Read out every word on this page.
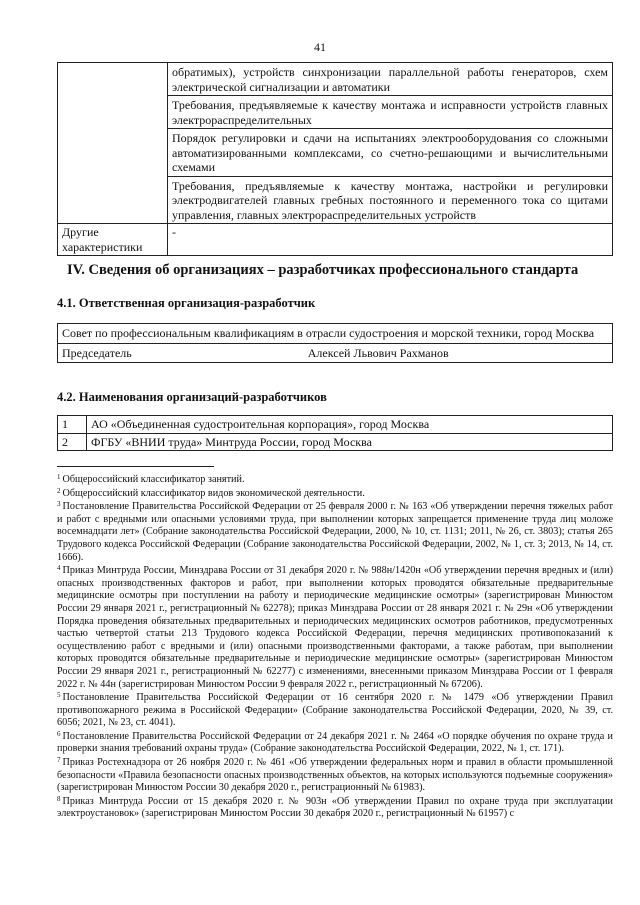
41
	обратимых), устройств синхронизации параллельной работы генераторов, схем электрической сигнализации и автоматики
	Требования, предъявляемые к качеству монтажа и исправности устройств главных электрораспределительных
	Порядок регулировки и сдачи на испытаниях электрооборудования со сложными автоматизированными комплексами, со счетно-решающими и вычислительными схемами
	Требования, предъявляемые к качеству монтажа, настройки и регулировки электродвигателей главных гребных постоянного и переменного тока со щитами управления, главных электрораспределительных устройств
Другие характеристики	-
IV. Сведения об организациях – разработчиках профессионального стандарта
4.1. Ответственная организация-разработчик
Совет по профессиональным квалификациям в отрасли судостроения и морской техники, город Москва
Председатель	Алексей Львович Рахманов
4.2. Наименования организаций-разработчиков
1	АО «Объединенная судостроительная корпорация», город Москва
2	ФГБУ «ВНИИ труда» Минтруда России, город Москва

$^1$ Общероссийский классификатор занятий.

$^2$ Общероссийский классификатор видов экономической деятельности.

$^3$ Постановление Правительства Российской Федерации от 25 февраля 2000 г. № 163 «Об утверждении перечня тяжелых работ и работ с вредными или опасными условиями труда, при выполнении которых запрещается применение труда лиц моложе восемнадцати лет» (Собрание законодательства Российской Федерации, 2000, № 10, ст. 1131; 2011, № 26, ст. 3803); статья 265 Трудового кодекса Российской Федерации (Собрание законодательства Российской Федерации, 2002, № 1, ст. 3; 2013, № 14, ст. 1666).

$^4$ Приказ Минтруда России, Минздрава России от 31 декабря 2020 г. № 988н/1420н «Об утверждении перечня вредных и (или) опасных производственных факторов и работ, при выполнении которых проводятся обязательные предварительные медицинские осмотры при поступлении на работу и периодические медицинские осмотры» (зарегистрирован Минюстом России 29 января 2021 г., регистрационный № 62278); приказ Минздрава России от 28 января 2021 г. № 29н «Об утверждении Порядка проведения обязательных предварительных и периодических медицинских осмотров работников, предусмотренных частью четвертой статьи 213 Трудового кодекса Российской Федерации, перечня медицинских противопоказаний к осуществлению работ с вредными и (или) опасными производственными факторами, а также работам, при выполнении которых проводятся обязательные предварительные и периодические медицинские осмотры» (зарегистрирован Минюстом России 29 января 2021 г., регистрационный № 62277) с изменениями, внесенными приказом Минздрава России от 1 февраля 2022 г. № 44н (зарегистрирован Минюстом России 9 февраля 2022 г., регистрационный № 67206).

$^5$ Постановление Правительства Российской Федерации от 16 сентября 2020 г. № 1479 «Об утверждении Правил противопожарного режима в Российской Федерации» (Собрание законодательства Российской Федерации, 2020, № 39, ст. 6056; 2021, № 23, ст. 4041).

$^6$ Постановление Правительства Российской Федерации от 24 декабря 2021 г. № 2464 «О порядке обучения по охране труда и проверки знания требований охраны труда» (Собрание законодательства Российской Федерации, 2022, № 1, ст. 171).

$^7$ Приказ Ростехнадзора от 26 ноября 2020 г. № 461 «Об утверждении федеральных норм и правил в области промышленной безопасности «Правила безопасности опасных производственных объектов, на которых используются подъемные сооружения» (зарегистрирован Минюстом России 30 декабря 2020 г., регистрационный № 61983).

$^8$ Приказ Минтруда России от 15 декабря 2020 г. № 903н «Об утверждении Правил по охране труда при эксплуатации электроустановок» (зарегистрирован Минюстом России 30 декабря 2020 г., регистрационный № 61957) с
